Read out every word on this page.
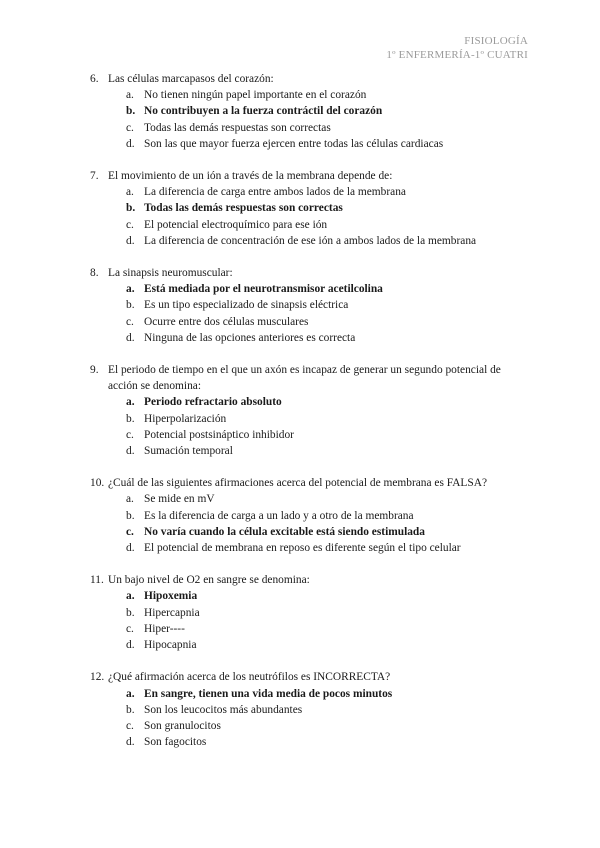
FISIOLOGÍA
1º ENFERMERÍA-1º CUATRI
6. Las células marcapasos del corazón:
a. No tienen ningún papel importante en el corazón
b. No contribuyen a la fuerza contráctil del corazón
c. Todas las demás respuestas son correctas
d. Son las que mayor fuerza ejercen entre todas las células cardiacas
7. El movimiento de un ión a través de la membrana depende de:
a. La diferencia de carga entre ambos lados de la membrana
b. Todas las demás respuestas son correctas
c. El potencial electroquímico para ese ión
d. La diferencia de concentración de ese ión a ambos lados de la membrana
8. La sinapsis neuromuscular:
a. Está mediada por el neurotransmisor acetilcolina
b. Es un tipo especializado de sinapsis eléctrica
c. Ocurre entre dos células musculares
d. Ninguna de las opciones anteriores es correcta
9. El periodo de tiempo en el que un axón es incapaz de generar un segundo potencial de acción se denomina:
a. Periodo refractario absoluto
b. Hiperpolarización
c. Potencial postsináptico inhibidor
d. Sumación temporal
10. ¿Cuál de las siguientes afirmaciones acerca del potencial de membrana es FALSA?
a. Se mide en mV
b. Es la diferencia de carga a un lado y a otro de la membrana
c. No varía cuando la célula excitable está siendo estimulada
d. El potencial de membrana en reposo es diferente según el tipo celular
11. Un bajo nivel de O2 en sangre se denomina:
a. Hipoxemia
b. Hipercapnia
c. Hiper----
d. Hipocapnia
12. ¿Qué afirmación acerca de los neutrófilos es INCORRECTA?
a. En sangre, tienen una vida media de pocos minutos
b. Son los leucocitos más abundantes
c. Son granulocitos
d. Son fagocitos
